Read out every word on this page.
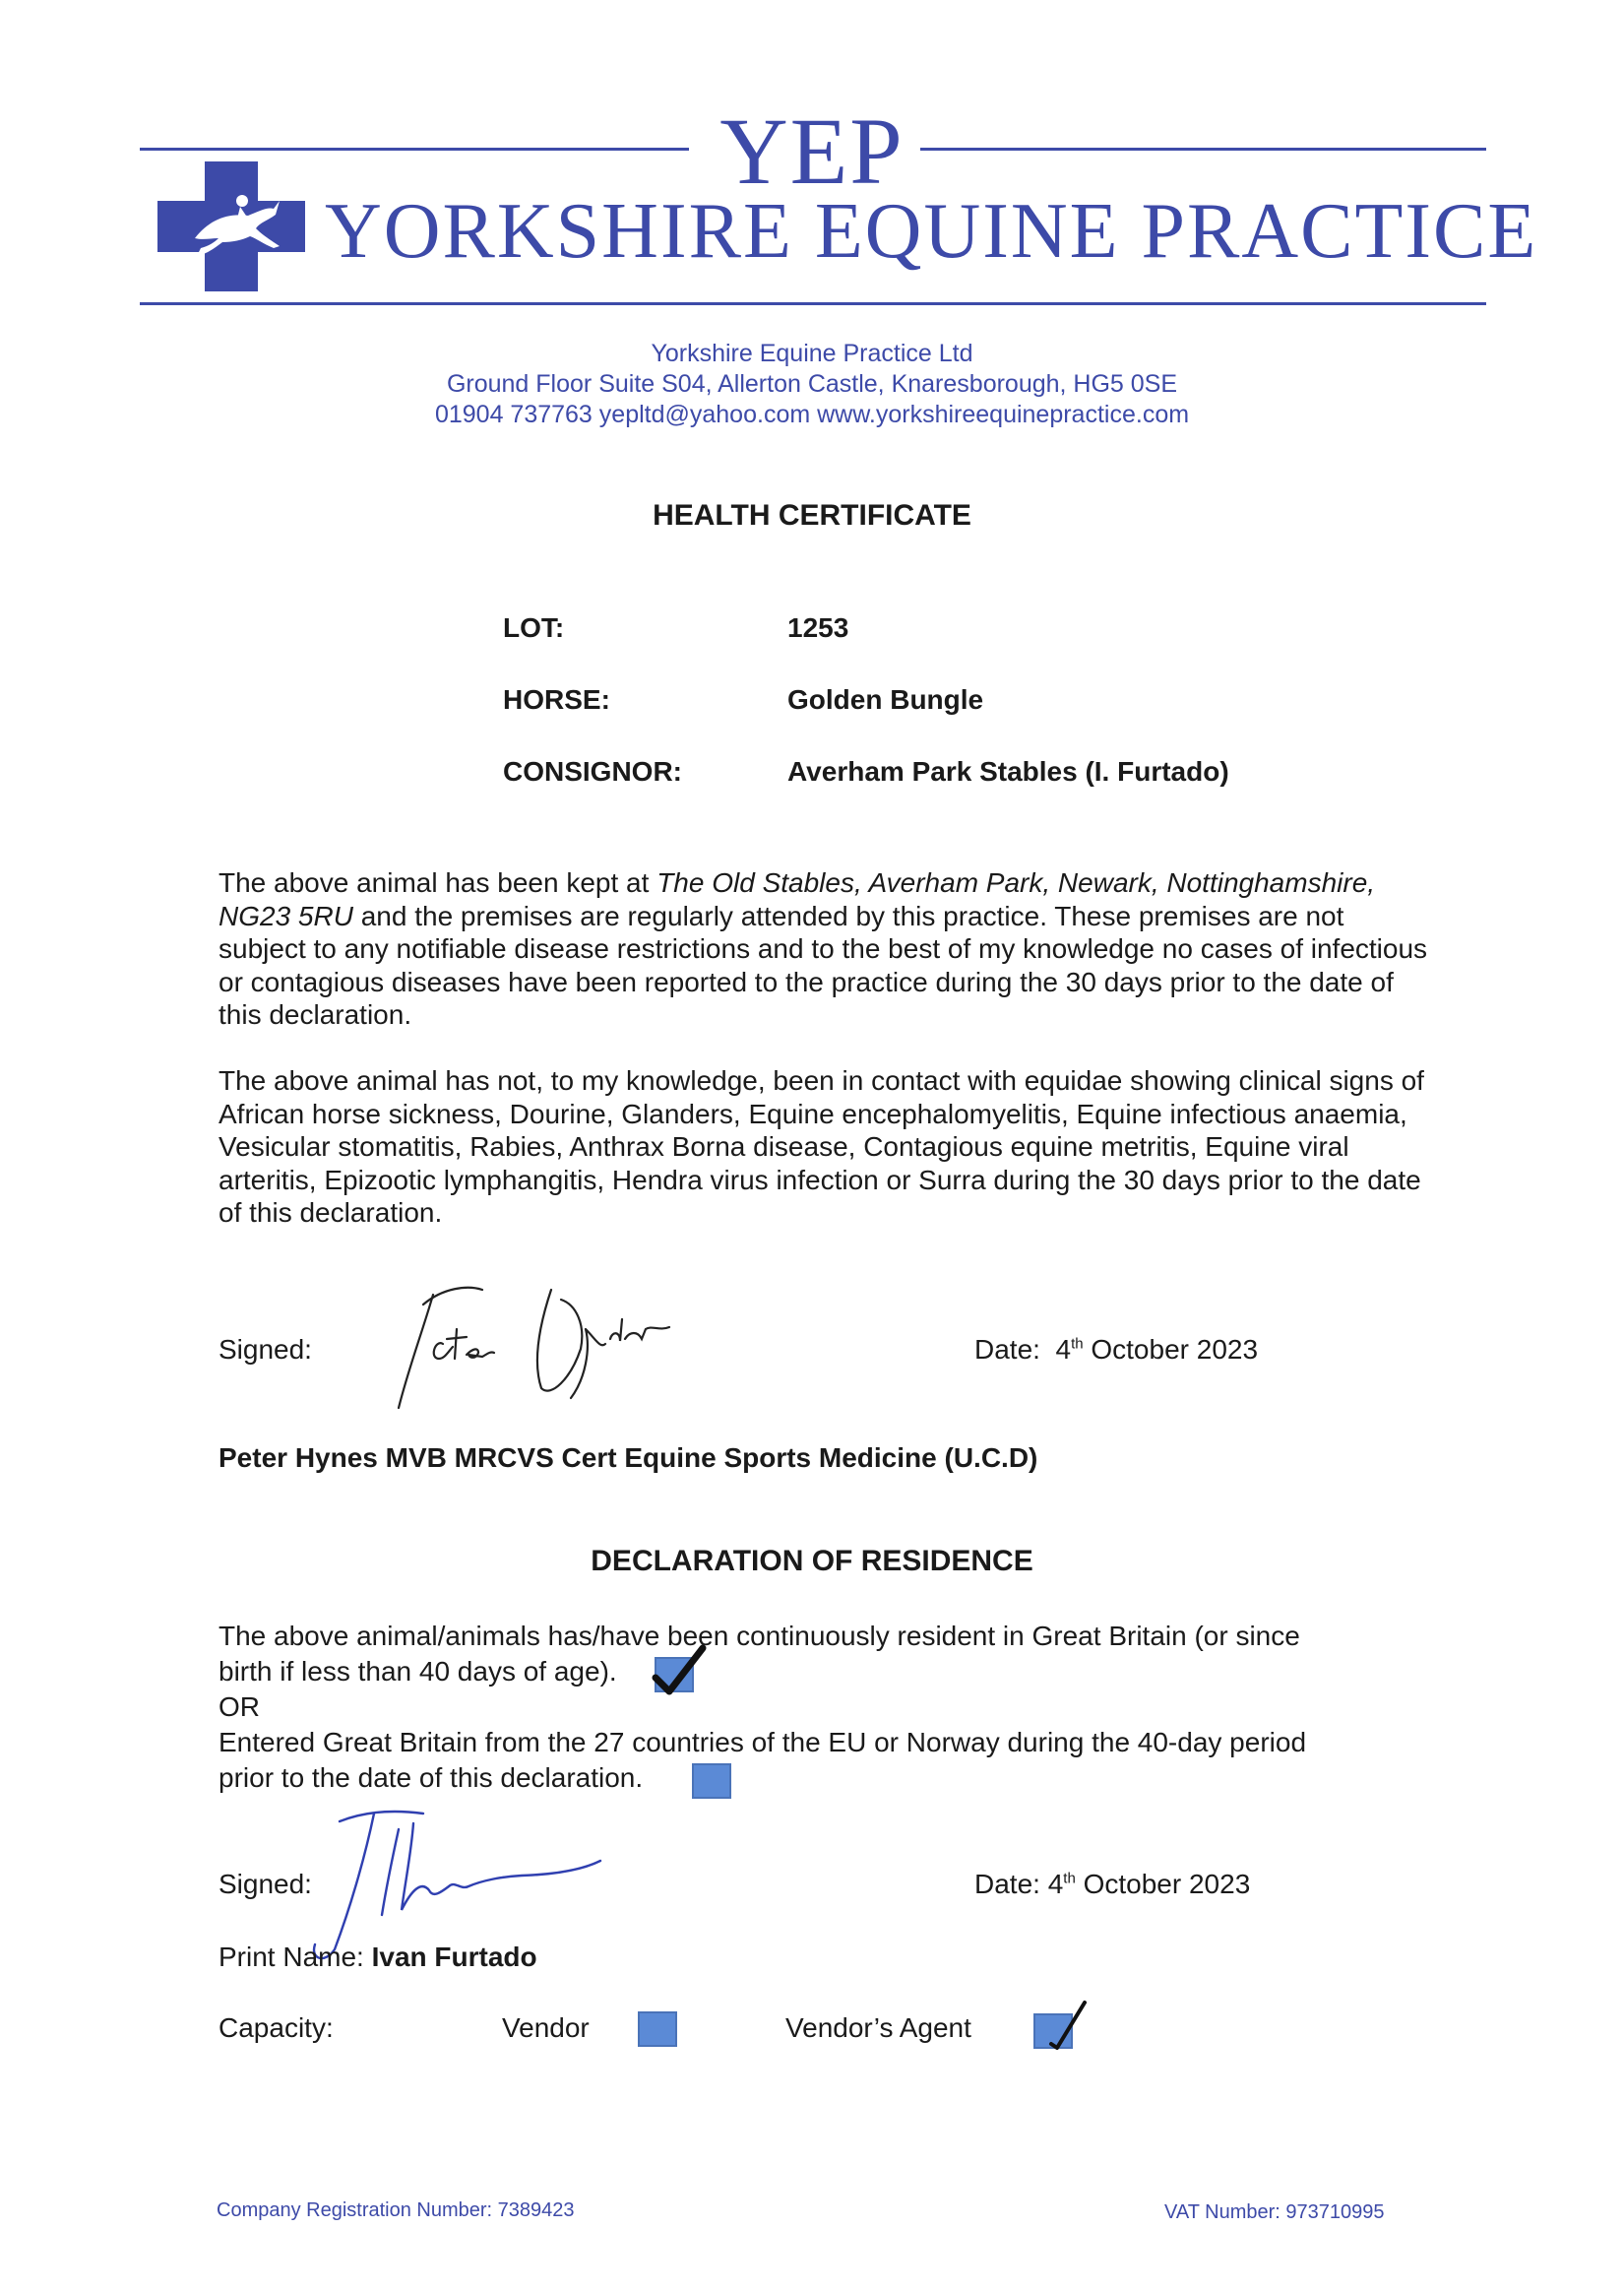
YEP
YORKSHIRE EQUINE PRACTICE
Yorkshire Equine Practice Ltd
Ground Floor Suite S04, Allerton Castle, Knaresborough, HG5 0SE
01904 737763 yepltd@yahoo.com www.yorkshireequinepractice.com
HEALTH CERTIFICATE
LOT:	1253
HORSE:	Golden Bungle
CONSIGNOR:	Averham Park Stables (I. Furtado)

The above animal has been kept at The Old Stables, Averham Park, Newark, Nottinghamshire, NG23 5RU and the premises are regularly attended by this practice. These premises are not subject to any notifiable disease restrictions and to the best of my knowledge no cases of infectious or contagious diseases have been reported to the practice during the 30 days prior to the date of this declaration.

The above animal has not, to my knowledge, been in contact with equidae showing clinical signs of African horse sickness, Dourine, Glanders, Equine encephalomyelitis, Equine infectious anaemia, Vesicular stomatitis, Rabies, Anthrax Borna disease, Contagious equine metritis, Equine viral arteritis, Epizootic lymphangitis, Hendra virus infection or Surra during the 30 days prior to the date of this declaration.
Signed:	Date: 4th October 2023
Peter Hynes MVB MRCVS Cert Equine Sports Medicine (U.C.D)
DECLARATION OF RESIDENCE
The above animal/animals has/have been continuously resident in Great Britain (or since
birth if less than 40 days of age).
OR
Entered Great Britain from the 27 countries of the EU or Norway during the 40-day period
prior to the date of this declaration.
Signed:	Date: 4th October 2023
Print Name: Ivan Furtado
Capacity:	Vendor	Vendor’s Agent
Company Registration Number: 7389423	VAT Number: 973710995
